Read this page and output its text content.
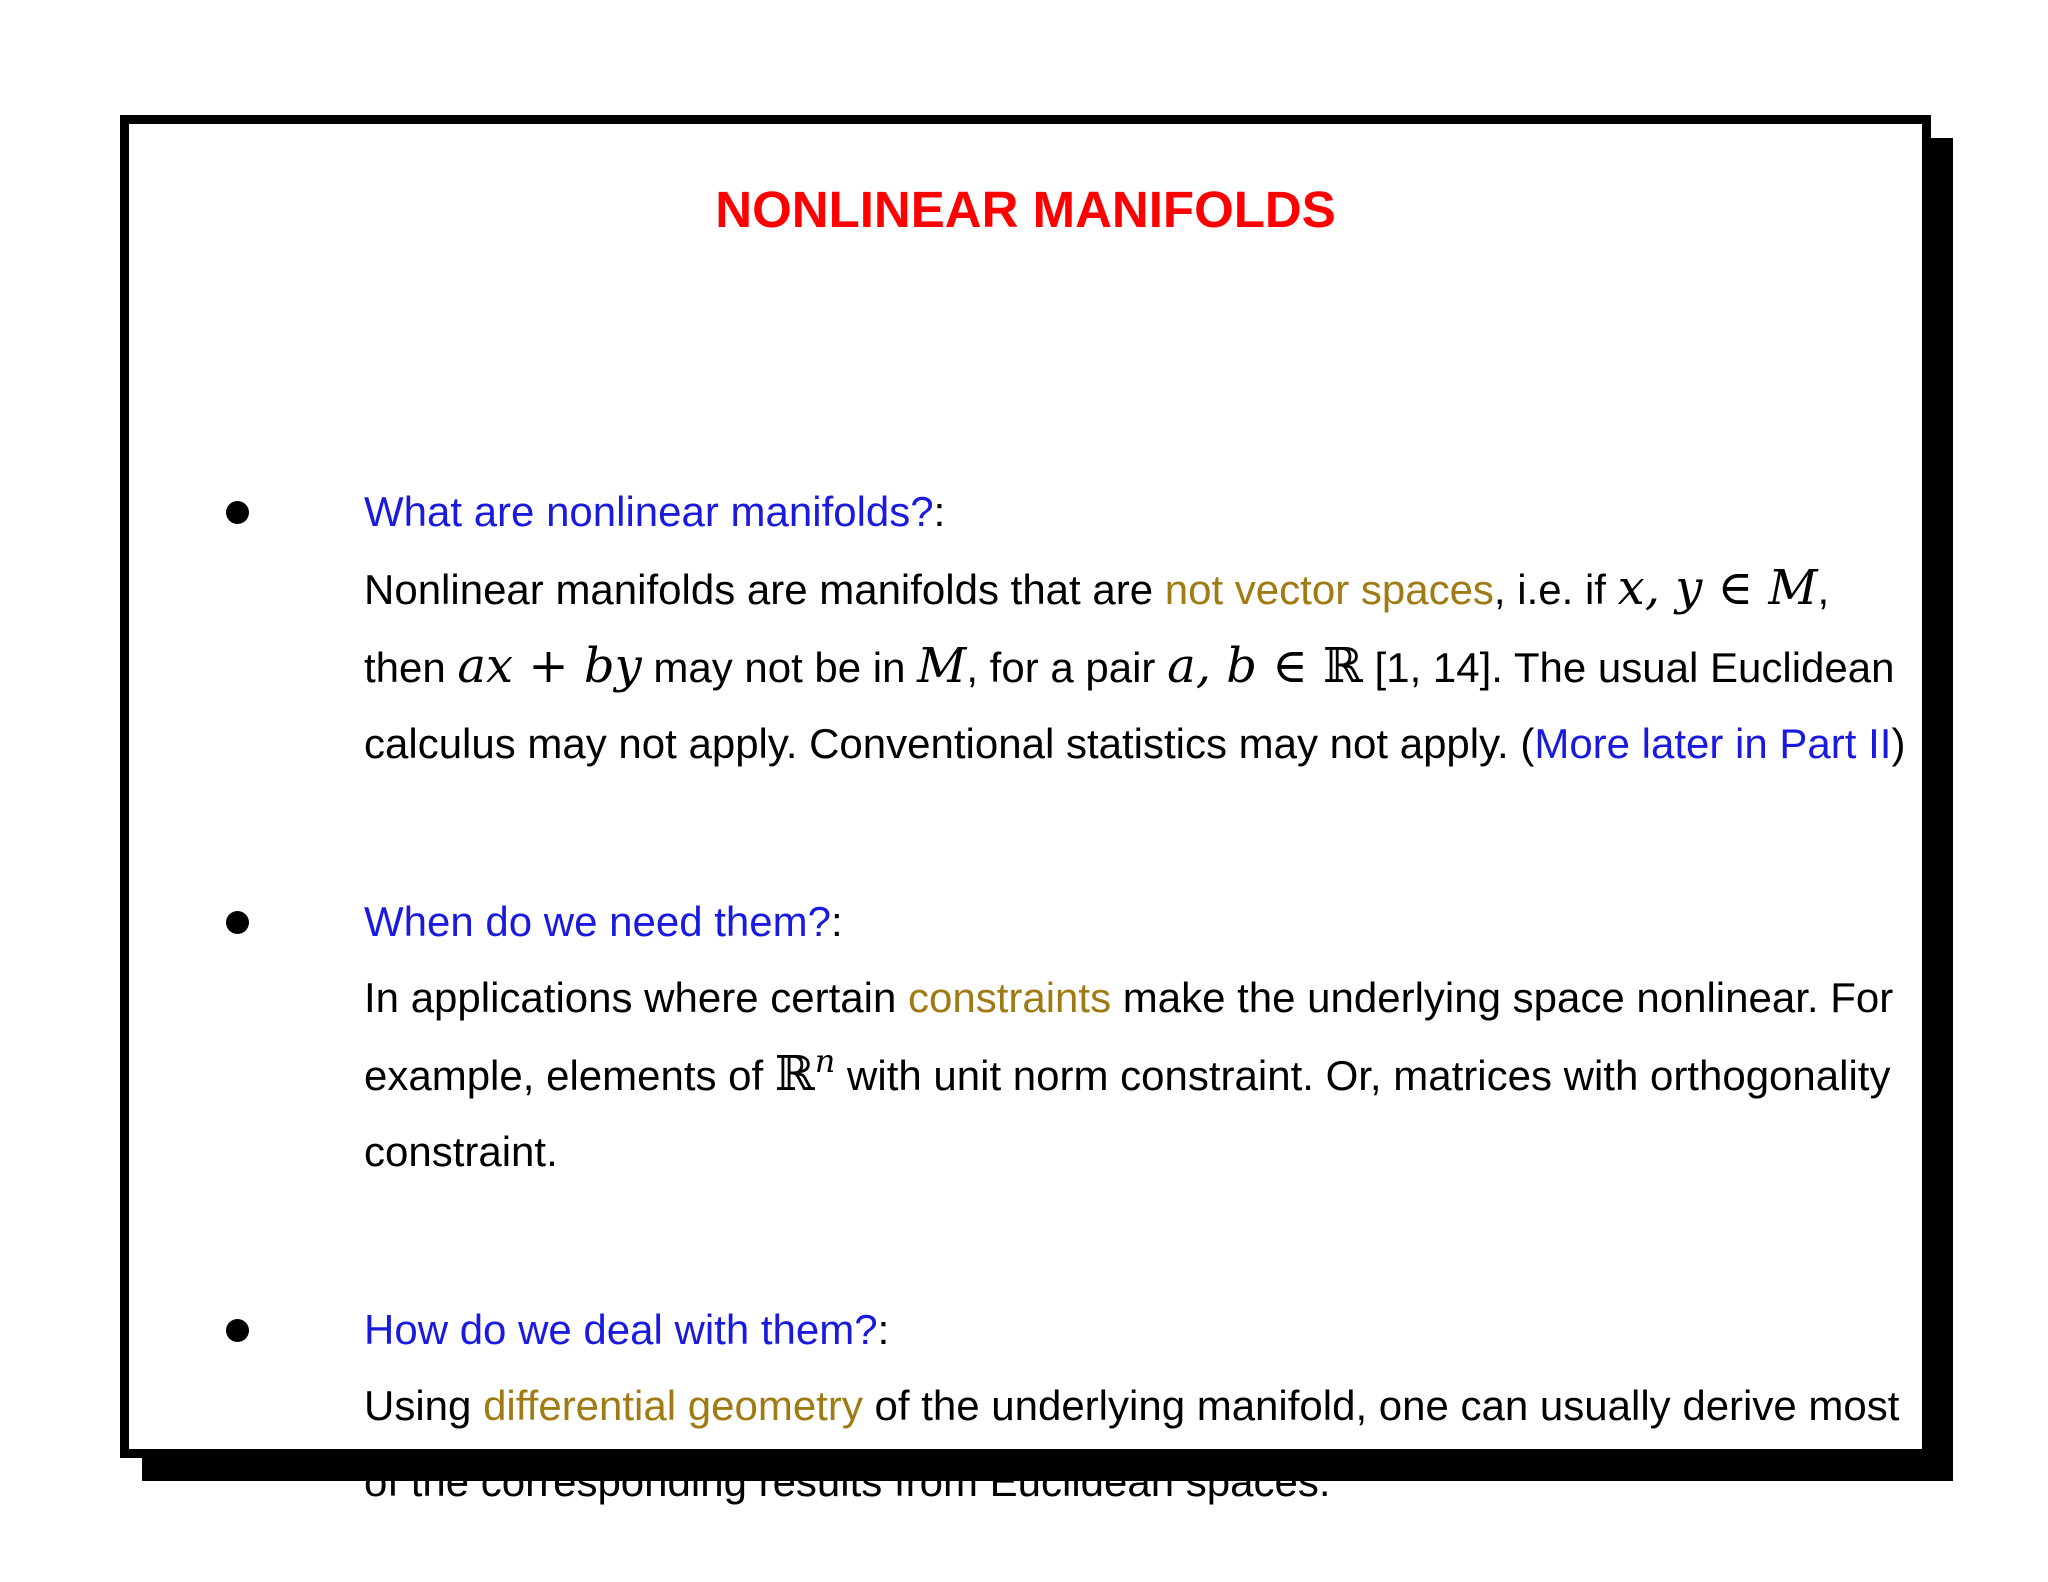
NONLINEAR MANIFOLDS
What are nonlinear manifolds?:
Nonlinear manifolds are manifolds that are not vector spaces, i.e. if x, y ∈ M,
then ax + by may not be in M, for a pair a, b ∈ ℝ [1, 14]. The usual Euclidean
calculus may not apply. Conventional statistics may not apply. (More later in Part II)
When do we need them?:
In applications where certain constraints make the underlying space nonlinear. For
example, elements of ℝ$^n$ with unit norm constraint. Or, matrices with orthogonality
constraint.
How do we deal with them?:
Using differential geometry of the underlying manifold, one can usually derive most
of the corresponding results from Euclidean spaces.
